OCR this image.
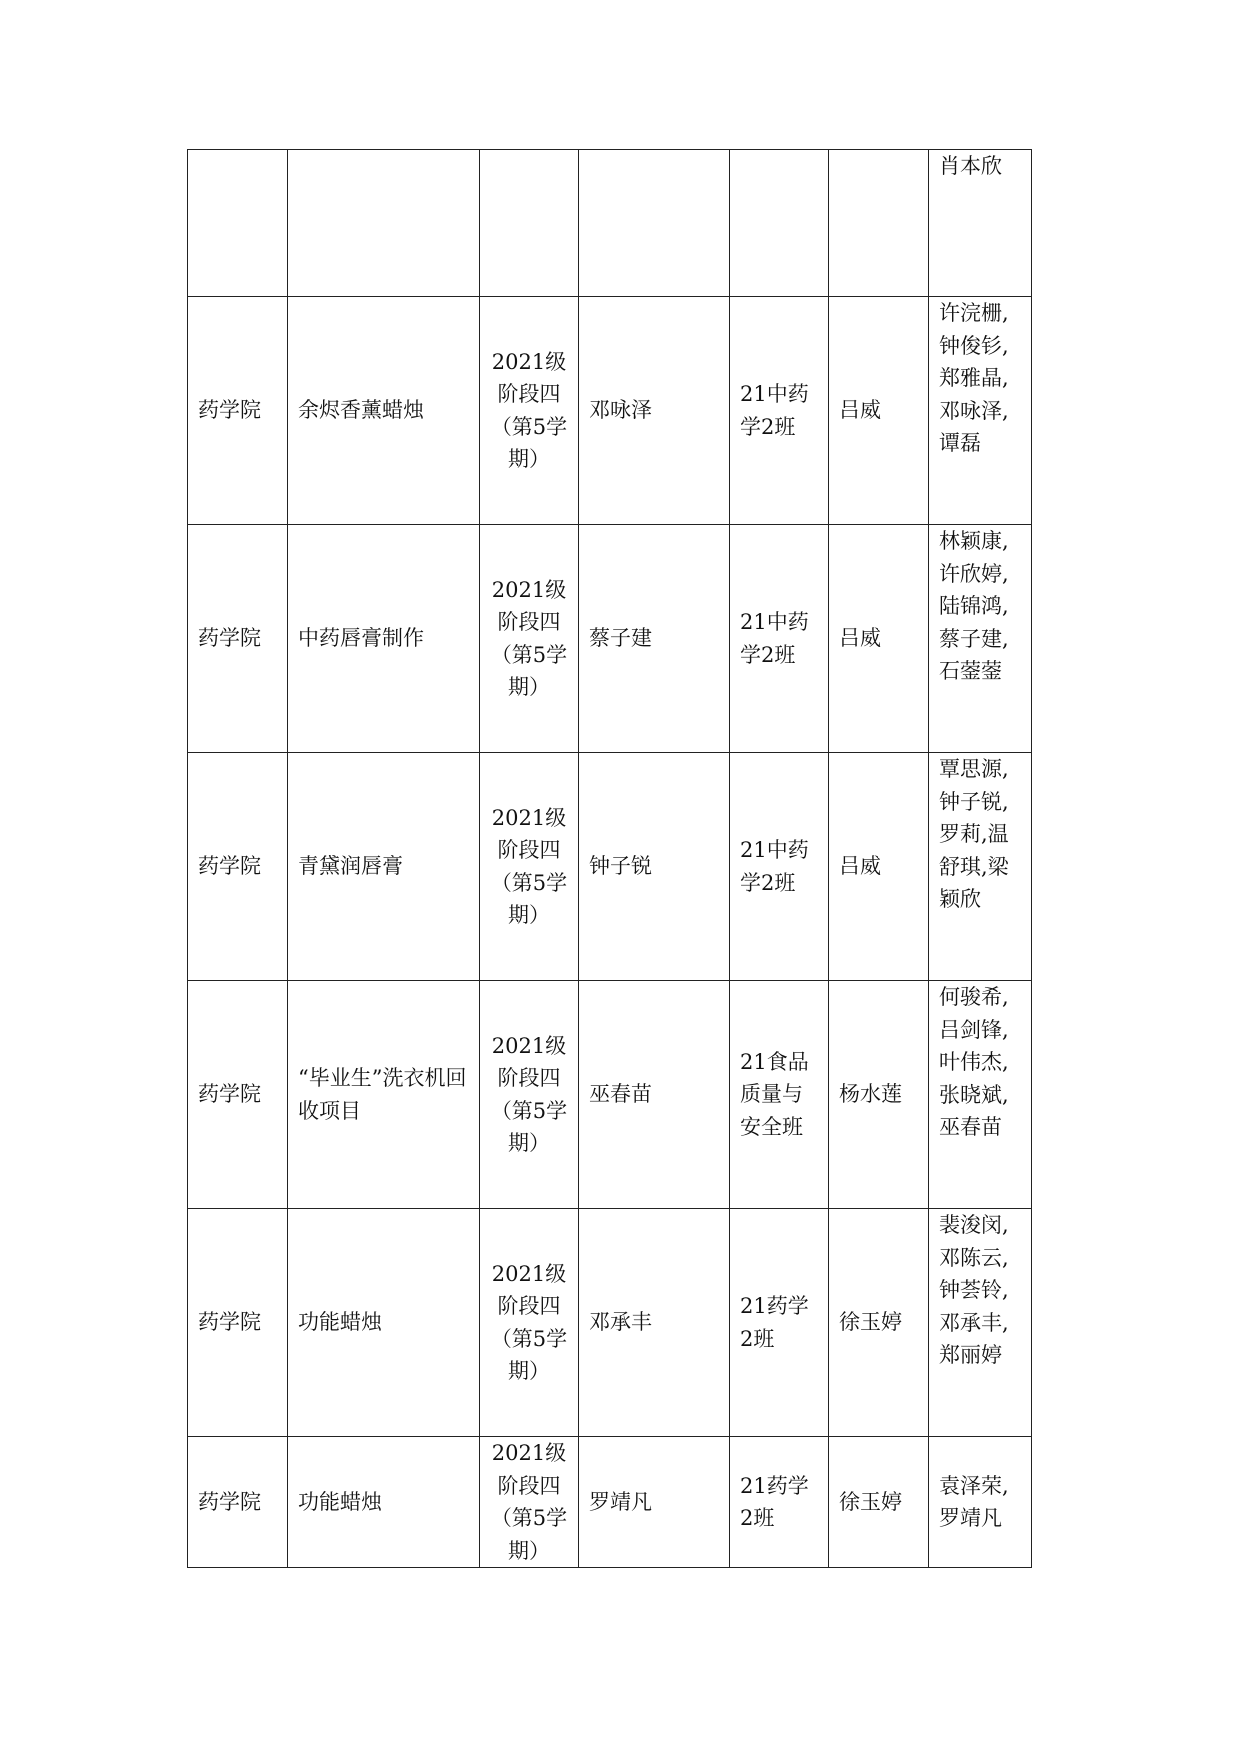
						肖本欣
药学院	余烬香薰蜡烛	2021级阶段四（第5学期）	邓咏泽	21中药学2班	吕威	许浣栅,钟俊钐,郑雅晶,邓咏泽,谭磊
药学院	中药唇膏制作	2021级阶段四（第5学期）	蔡子建	21中药学2班	吕威	林颖康,许欣婷,陆锦鸿,蔡子建,石蓥蓥
药学院	青黛润唇膏	2021级阶段四（第5学期）	钟子锐	21中药学2班	吕威	覃思源,钟子锐,罗莉,温舒琪,梁颖欣
药学院	“毕业生”洗衣机回收项目	2021级阶段四（第5学期）	巫春苗	21食品质量与安全班	杨水莲	何骏希,吕剑锋,叶伟杰,张晓斌,巫春苗
药学院	功能蜡烛	2021级阶段四（第5学期）	邓承丰	21药学2班	徐玉婷	裴浚闵,邓陈云,钟荟铃,邓承丰,郑丽婷
药学院	功能蜡烛	2021级阶段四（第5学期）	罗靖凡	21药学2班	徐玉婷	袁泽荣,罗靖凡
